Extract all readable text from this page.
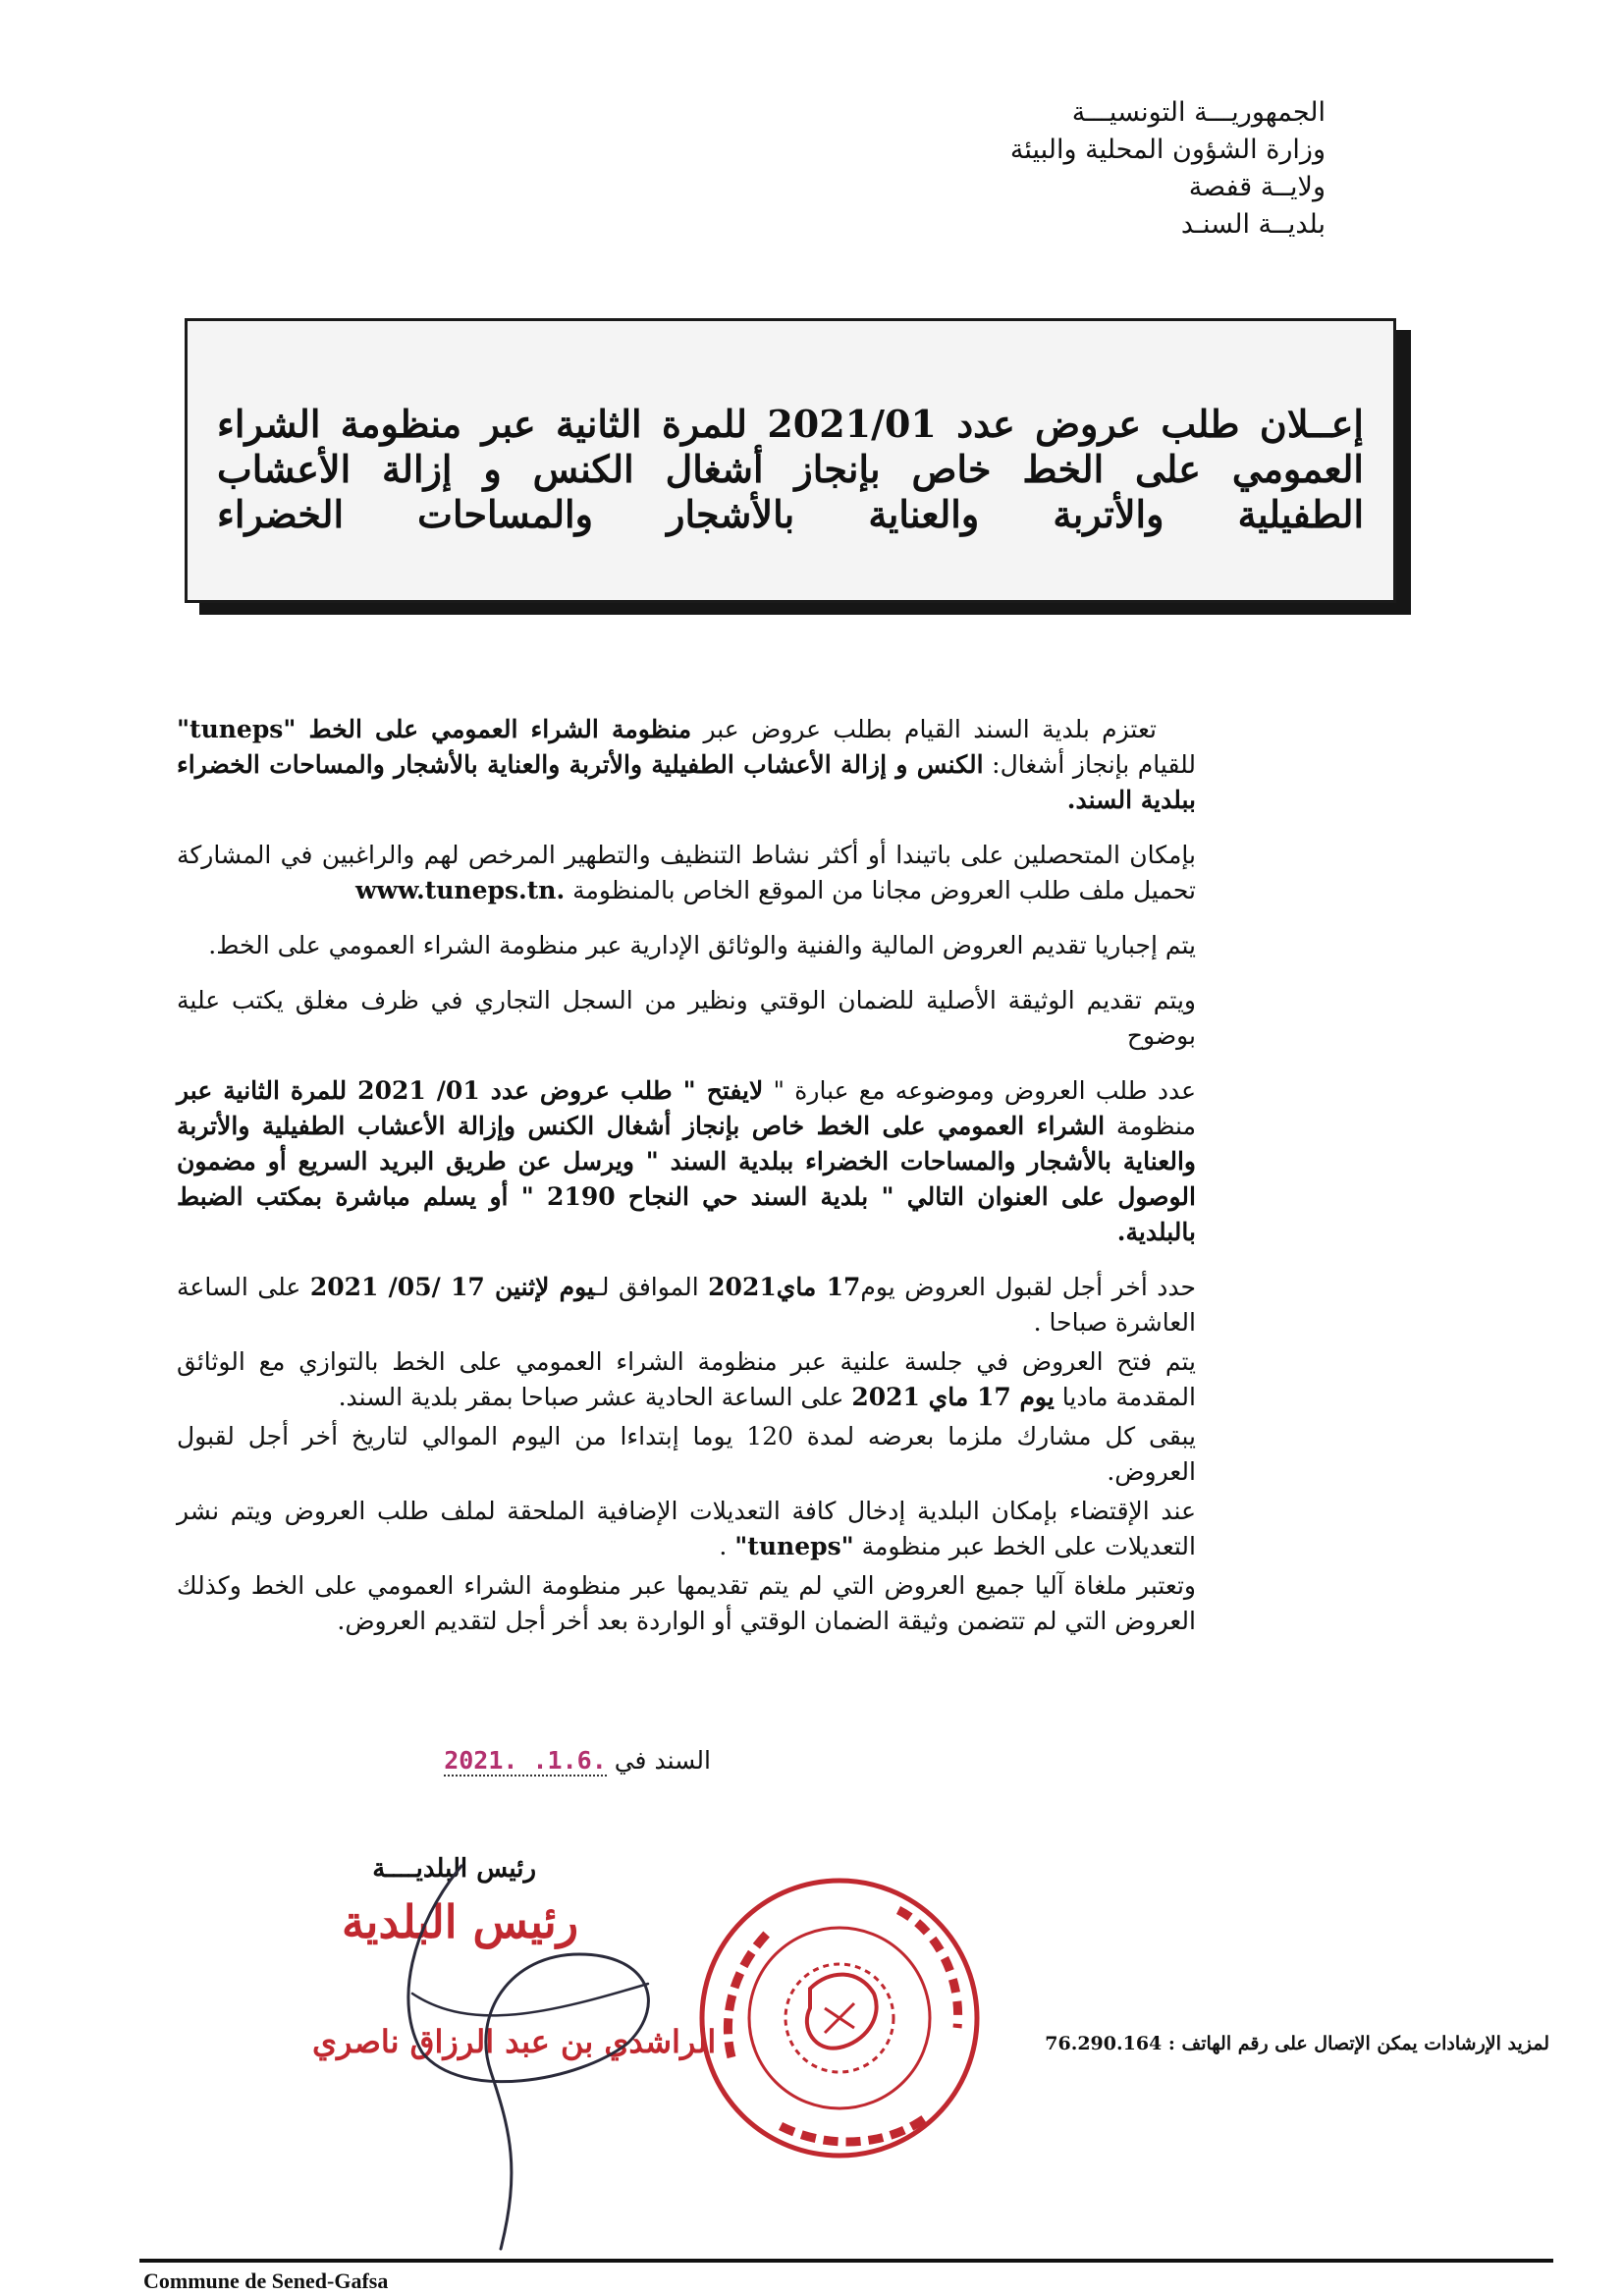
الجمهوريـــة التونسيـــة
وزارة الشؤون المحلية والبيئة
ولايــة قفصة
بلديــة السنـد
إعــلان طلب عروض عدد 2021/01 للمرة الثانية عبر منظومة الشراء
العمومي على الخط خاص بإنجاز أشغال الكنس و إزالة الأعشاب
الطفيلية والأتربة والعناية بالأشجار والمساحات الخضراء

تعتزم بلدية السند القيام بطلب عروض عبر منظومة الشراء العمومي على الخط "tuneps" للقيام بإنجاز أشغال: الكنس و إزالة الأعشاب الطفيلية والأتربة والعناية بالأشجار والمساحات الخضراء ببلدية السند.

بإمكان المتحصلين على باتيندا أو أكثر نشاط التنظيف والتطهير المرخص لهم والراغبين في المشاركة تحميل ملف طلب العروض مجانا من الموقع الخاص بالمنظومة www.tuneps.tn.

يتم إجباريا تقديم العروض المالية والفنية والوثائق الإدارية عبر منظومة الشراء العمومي على الخط.

ويتم تقديم الوثيقة الأصلية للضمان الوقتي ونظير من السجل التجاري في ظرف مغلق يكتب علية بوضوح

عدد طلب العروض وموضوعه مع عبارة " لايفتح " طلب عروض عدد 01/ 2021 للمرة الثانية عبر منظومة الشراء العمومي على الخط خاص بإنجاز أشغال الكنس وإزالة الأعشاب الطفيلية والأتربة والعناية بالأشجار والمساحات الخضراء ببلدية السند " ويرسل عن طريق البريد السريع أو مضمون الوصول على العنوان التالي " بلدية السند حي النجاح 2190 " أو يسلم مباشرة بمكتب الضبط بالبلدية.

حدد أخر أجل لقبول العروض يوم17 ماي2021 الموافق لـيوم لإثنين 17 /05/ 2021 على الساعة العاشرة صباحا .

يتم فتح العروض في جلسة علنية عبر منظومة الشراء العمومي على الخط بالتوازي مع الوثائق المقدمة ماديا يوم 17 ماي 2021 على الساعة الحادية عشر صباحا بمقر بلدية السند.

يبقى كل مشارك ملزما بعرضه لمدة 120 يوما إبتداءا من اليوم الموالي لتاريخ أخر أجل لقبول العروض.

عند الإقتضاء بإمكان البلدية إدخال كافة التعديلات الإضافية الملحقة لملف طلب العروض ويتم نشر التعديلات على الخط عبر منظومة "tuneps" .

وتعتبر ملغاة آليا جميع العروض التي لم يتم تقديمها عبر منظومة الشراء العمومي على الخط وكذلك العروض التي لم تتضمن وثيقة الضمان الوقتي أو الواردة بعد أخر أجل لتقديم العروض.

السند في 2021. .1.6.
رئيس البلديــــة
رئيس البلدية
الراشدي بن عبد الرزاق ناصري	لمزيد الإرشادات يمكن الإتصال على رقم الهاتف : 76.290.164
Commune de Sened-Gafsa
